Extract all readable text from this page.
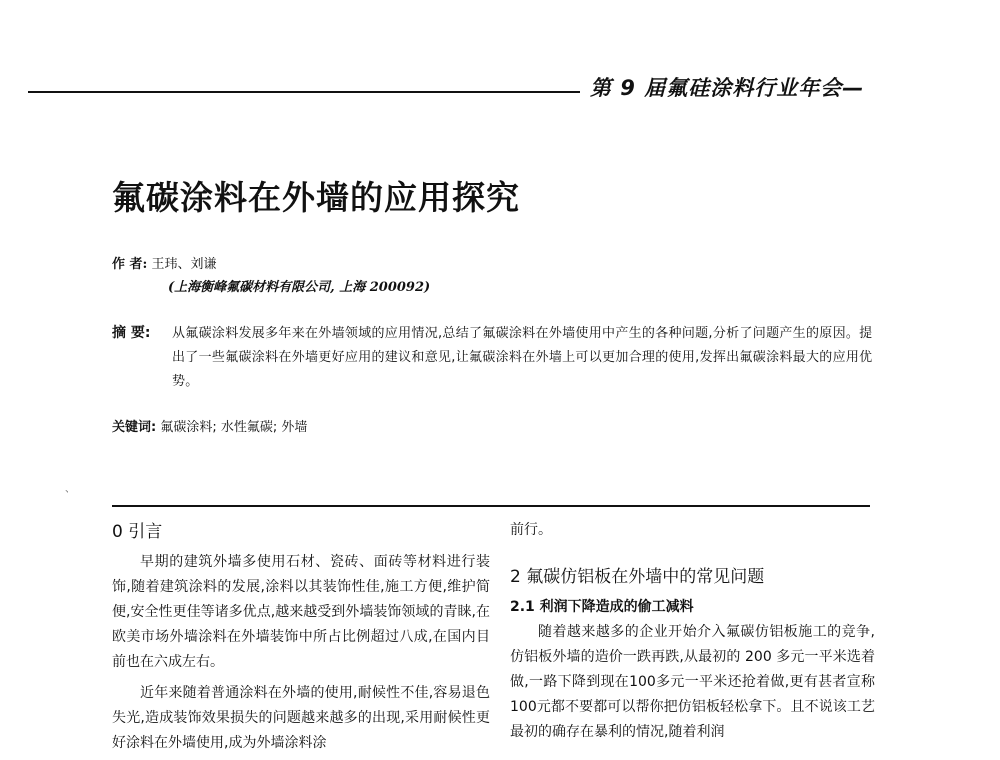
第 9 届氟硅涂料行业年会—
氟碳涂料在外墙的应用探究
作 者: 王玮、刘谦
(上海衡峰氟碳材料有限公司, 上海 200092)
摘 要: 从氟碳涂料发展多年来在外墙领域的应用情况,总结了氟碳涂料在外墙使用中产生的各种问题,分析了问题产生的原因。提出了一些氟碳涂料在外墙更好应用的建议和意见,让氟碳涂料在外墙上可以更加合理的使用,发挥出氟碳涂料最大的应用优势。
关键词: 氟碳涂料; 水性氟碳; 外墙
、
0 引言

早期的建筑外墙多使用石材、瓷砖、面砖等材料进行装饰,随着建筑涂料的发展,涂料以其装饰性佳,施工方便,维护简便,安全性更佳等诸多优点,越来越受到外墙装饰领域的青睐,在欧美市场外墙涂料在外墙装饰中所占比例超过八成,在国内目前也在六成左右。

近年来随着普通涂料在外墙的使用,耐候性不佳,容易退色失光,造成装饰效果损失的问题越来越多的出现,采用耐候性更好涂料在外墙使用,成为外墙涂料涂

前行。

2 氟碳仿铝板在外墙中的常见问题
2.1 利润下降造成的偷工减料

随着越来越多的企业开始介入氟碳仿铝板施工的竞争,仿铝板外墙的造价一跌再跌,从最初的 200 多元一平米选着做,一路下降到现在100多元一平米还抢着做,更有甚者宣称100元都不要都可以帮你把仿铝板轻松拿下。且不说该工艺最初的确存在暴利的情况,随着利润
